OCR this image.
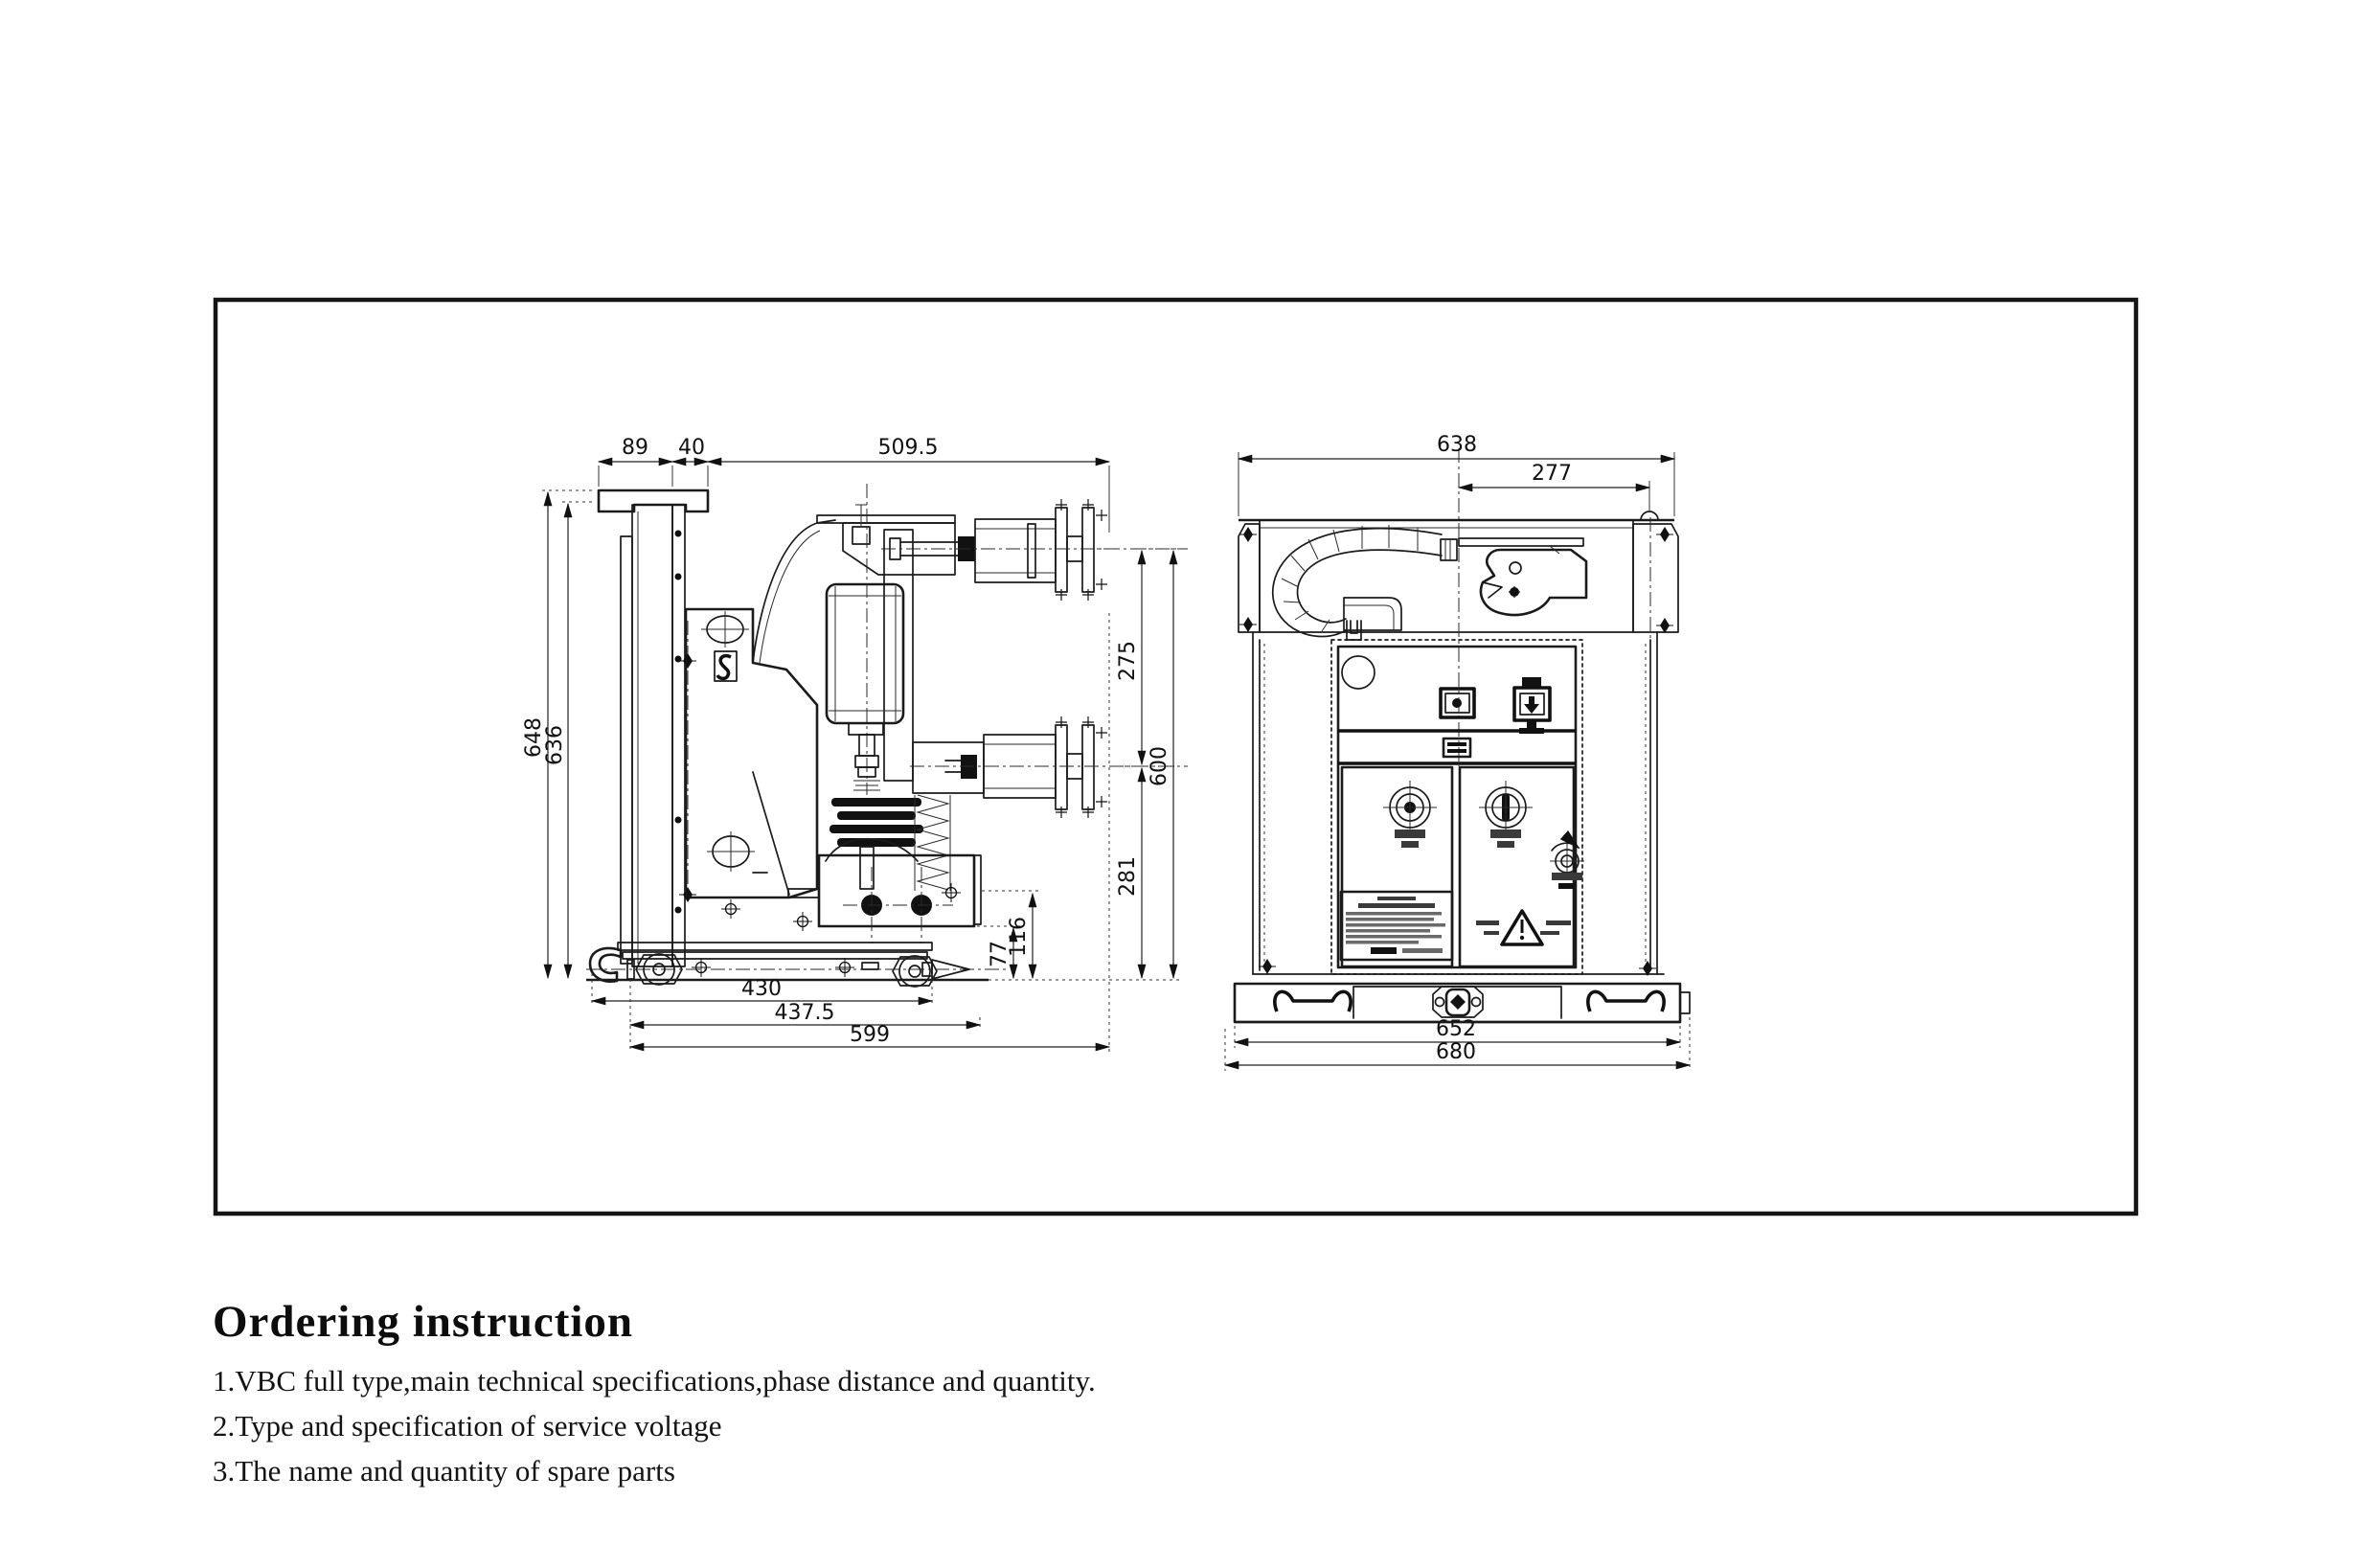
89 40	509.5
648
636
275
600
281
116
77
430
437.5
599
638
277
652
680
Ordering instruction
1.VBC full type,main technical specifications,phase distance and quantity.
2.Type and specification of service voltage
3.The name and quantity of spare parts
